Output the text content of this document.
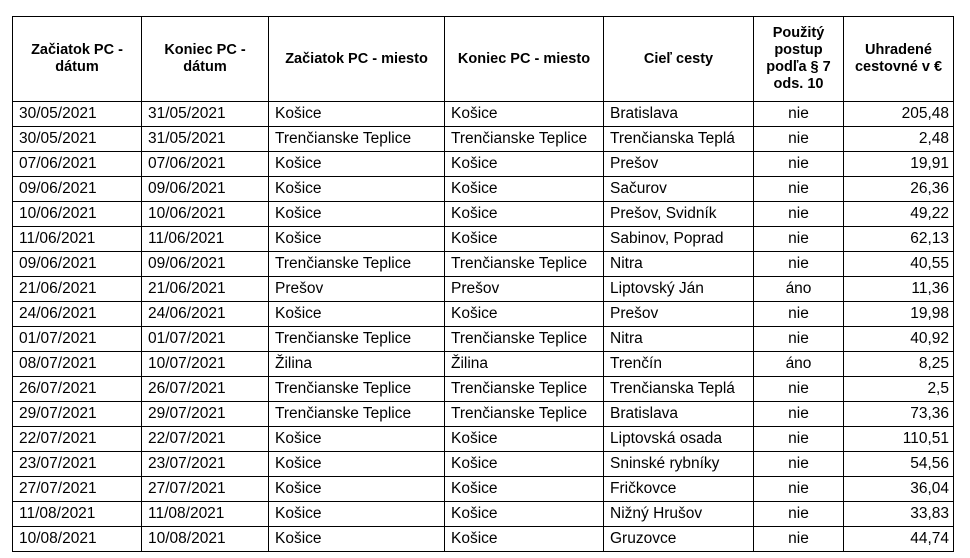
Začiatok PC - dátum	Koniec PC - dátum	Začiatok PC - miesto	Koniec PC - miesto	Cieľ cesty	Použitý postup podľa § 7 ods. 10	Uhradené cestovné v €
30/05/2021	31/05/2021	Košice	Košice	Bratislava	nie	205,48
30/05/2021	31/05/2021	Trenčianske Teplice	Trenčianske Teplice	Trenčianska Teplá	nie	2,48
07/06/2021	07/06/2021	Košice	Košice	Prešov	nie	19,91
09/06/2021	09/06/2021	Košice	Košice	Sačurov	nie	26,36
10/06/2021	10/06/2021	Košice	Košice	Prešov, Svidník	nie	49,22
11/06/2021	11/06/2021	Košice	Košice	Sabinov, Poprad	nie	62,13
09/06/2021	09/06/2021	Trenčianske Teplice	Trenčianske Teplice	Nitra	nie	40,55
21/06/2021	21/06/2021	Prešov	Prešov	Liptovský Ján	áno	11,36
24/06/2021	24/06/2021	Košice	Košice	Prešov	nie	19,98
01/07/2021	01/07/2021	Trenčianske Teplice	Trenčianske Teplice	Nitra	nie	40,92
08/07/2021	10/07/2021	Žilina	Žilina	Trenčín	áno	8,25
26/07/2021	26/07/2021	Trenčianske Teplice	Trenčianske Teplice	Trenčianska Teplá	nie	2,5
29/07/2021	29/07/2021	Trenčianske Teplice	Trenčianske Teplice	Bratislava	nie	73,36
22/07/2021	22/07/2021	Košice	Košice	Liptovská osada	nie	110,51
23/07/2021	23/07/2021	Košice	Košice	Sninské rybníky	nie	54,56
27/07/2021	27/07/2021	Košice	Košice	Fričkovce	nie	36,04
11/08/2021	11/08/2021	Košice	Košice	Nižný Hrušov	nie	33,83
10/08/2021	10/08/2021	Košice	Košice	Gruzovce	nie	44,74
